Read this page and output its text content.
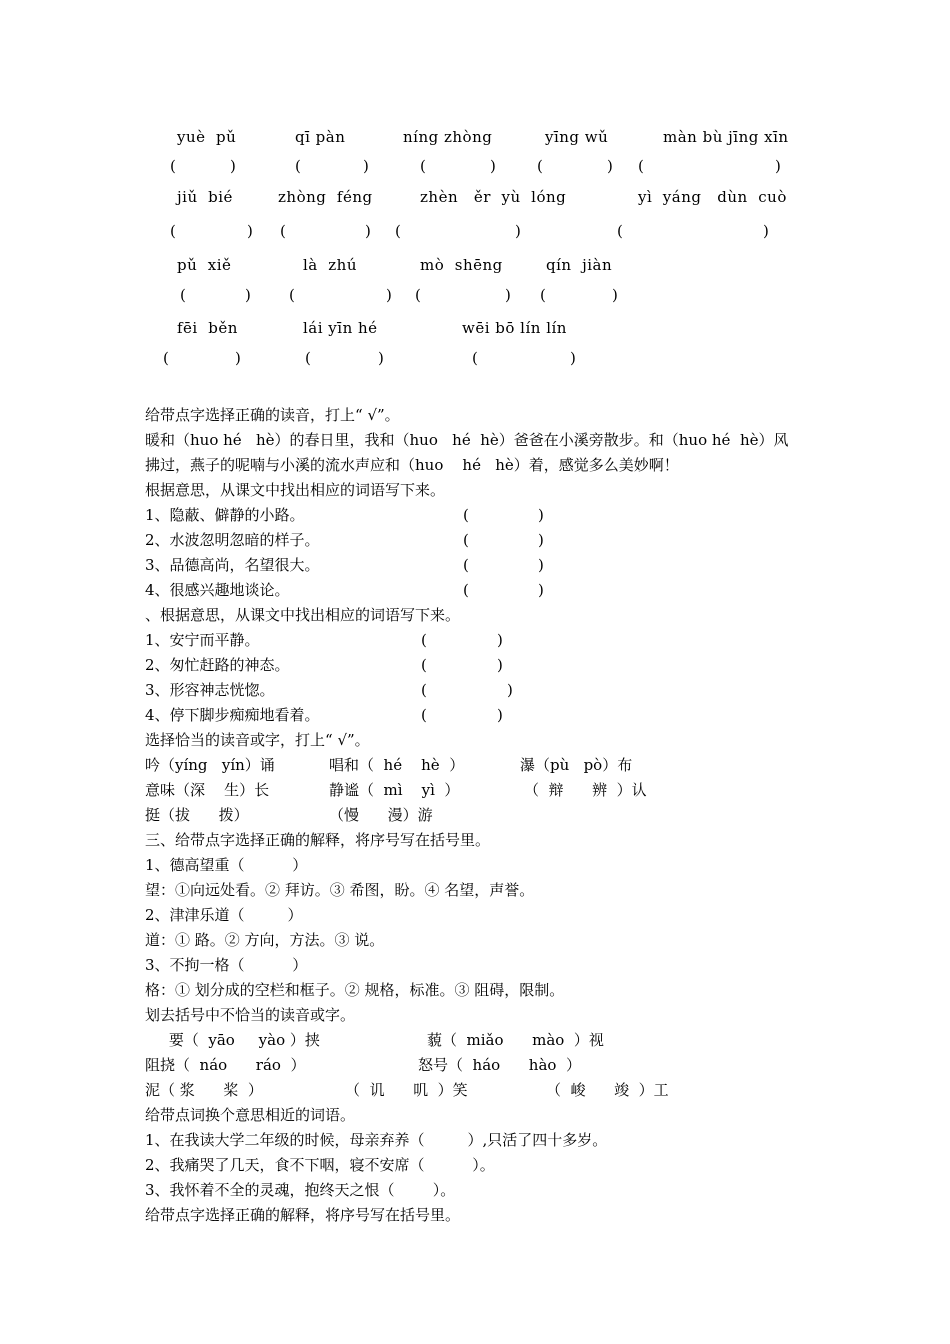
yuè  pǔ	qī pàn	níng zhòng	yīng wǔ	màn bù jīng xīn
(	)	(	)	(	)	(	) (	)
jiǔ  bié	zhòng  féng	zhèn   ěr  yù  lóng	yì  yáng   dùn  cuò
(	) (	) (	)	(	)
pǔ  xiě	là  zhú	mò  shēng	qín  jiàn
(	)	(	) (	) (	)
fēi  běn	lái yīn hé	wēi bō lín lín
(	)	(	)	(	)
给带点字选择正确的读音，打上“ √”。
暖和（huo hé   hè）的春日里，我和（huo   hé  hè）爸爸在小溪旁散步。和（huo hé  hè）风
拂过，燕子的呢喃与小溪的流水声应和（huo    hé   hè）着，感觉多么美妙啊！
根据意思，从课文中找出相应的词语写下来。
1、隐蔽、僻静的小路。	(	)
2、水波忽明忽暗的样子。	(	)
3、品德高尚，名望很大。	(	)
4、很感兴趣地谈论。	(	)
、根据意思，从课文中找出相应的词语写下来。
1、安宁而平静。	(	)
2、匆忙赶路的神态。	(	)
3、形容神志恍惚。	(	)
4、停下脚步痴痴地看着。	(	)
选择恰当的读音或字，打上“ √”。
吟（yíng   yín）诵	唱和（  hé    hè  ）	瀑（pù   pò）布
意味（深    生）长	静谧（  mì    yì  ）	（  辩      辨  ）认
挺（拔      拨）	（慢      漫）游
三、给带点字选择正确的解释，将序号写在括号里。
1、德高望重（          ）
望：①向远处看。② 拜访。③ 希图，盼。④ 名望，声誉。
2、津津乐道（         ）
道：① 路。② 方向，方法。③ 说。
3、不拘一格（          ）
格：① 划分成的空栏和框子。② 规格，标准。③ 阻碍，限制。
划去括号中不恰当的读音或字。
要（  yāo     yào ）挟	藐（  miǎo      mào  ）视
阻挠（  náo      ráo  ）	怒号（  háo      hào  ）
泥（ 浆      桨  ）	（  讥      叽  ）笑	（  峻      竣  ）工
给带点词换个意思相近的词语。
1、在我读大学二年级的时候，母亲弃养（         ）,只活了四十多岁。
2、我痛哭了几天，食不下咽，寝不安席（          ）。
3、我怀着不全的灵魂，抱终天之恨（        ）。
给带点字选择正确的解释，将序号写在括号里。
